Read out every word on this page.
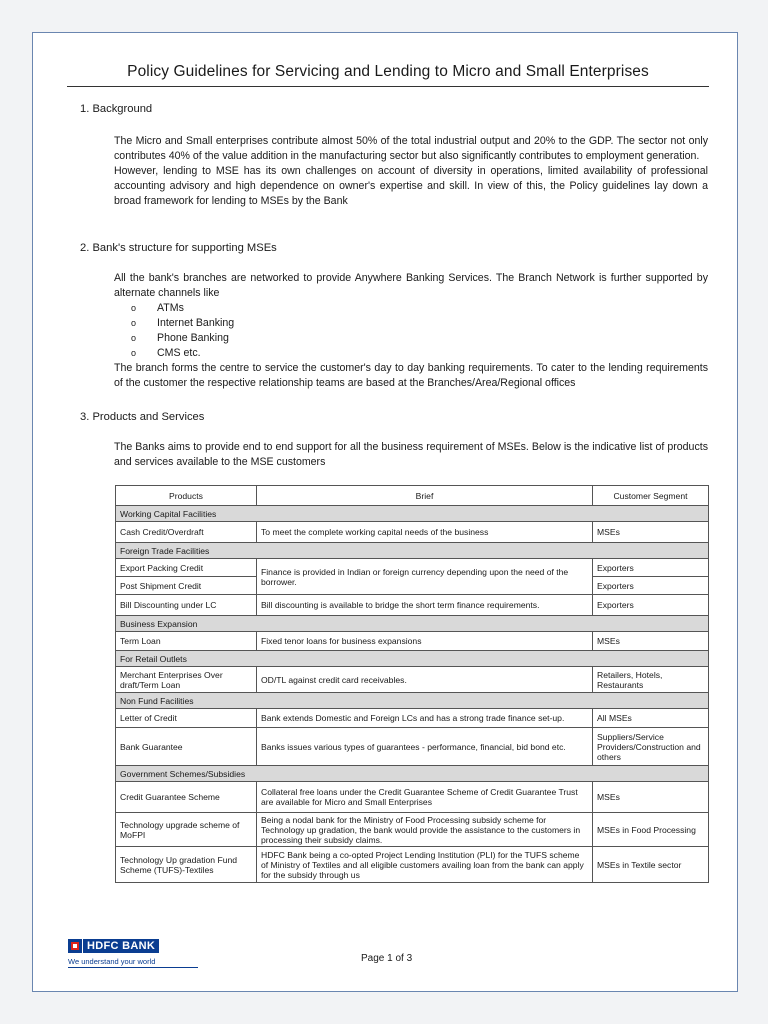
Policy Guidelines for Servicing and Lending to Micro and Small Enterprises
1. Background

The Micro and Small enterprises contribute almost 50% of the total industrial output and 20% to the GDP. The sector not only contributes 40% of the value addition in the manufacturing sector but also significantly contributes to employment generation.

However, lending to MSE has its own challenges on account of diversity in operations, limited availability of professional accounting advisory and high dependence on owner's expertise and skill. In view of this, the Policy guidelines lay down a broad framework for lending to MSEs by the Bank

2. Bank's structure for supporting MSEs

All the bank's branches are networked to provide Anywhere Banking Services. The Branch Network is further supported by alternate channels like

o	ATMs
o	Internet Banking
o	Phone Banking
o	CMS etc.

The branch forms the centre to service the customer's day to day banking requirements. To cater to the lending requirements of the customer the respective relationship teams are based at the Branches/Area/Regional offices

3. Products and Services
The Banks aims to provide end to end support for all the business requirement of MSEs. Below is the indicative list of products and services available to the MSE customers
Products	Brief	Customer Segment
Working Capital Facilities		
Cash Credit/Overdraft	To meet the complete working capital needs of the business	MSEs
Foreign Trade Facilities		
Export Packing Credit	Finance is provided in Indian or foreign currency depending upon the need of the borrower.	Exporters
Post Shipment Credit		Exporters
Bill Discounting under LC	Bill discounting is available to bridge the short term finance requirements.	Exporters
Business Expansion		
Term Loan	Fixed tenor loans for business expansions	MSEs
For Retail Outlets		
Merchant Enterprises Over draft/Term Loan	OD/TL against credit card receivables.	Retailers, Hotels, Restaurants
Non Fund Facilities		
Letter of Credit	Bank extends Domestic and Foreign LCs and has a strong trade finance set-up.	All MSEs
Bank Guarantee	Banks issues various types of guarantees - performance, financial, bid bond etc.	Suppliers/Service Providers/Construction and others
Government Schemes/Subsidies		
Credit Guarantee Scheme	Collateral free loans under the Credit Guarantee Scheme of Credit Guarantee Trust are available for Micro and Small Enterprises	MSEs
Technology upgrade scheme of MoFPI	Being a nodal bank for the Ministry of Food Processing subsidy scheme for Technology up gradation, the bank would provide the assistance to the customers in processing their subsidy claims.	MSEs in Food Processing
Technology Up gradation Fund Scheme (TUFS)-Textiles	HDFC Bank being a co-opted Project Lending Institution (PLI) for the TUFS scheme of Ministry of Textiles and all eligible customers availing loan from the bank can apply for the subsidy through us	MSEs in Textile sector
HDFC BANK
We understand your world	Page 1 of 3
